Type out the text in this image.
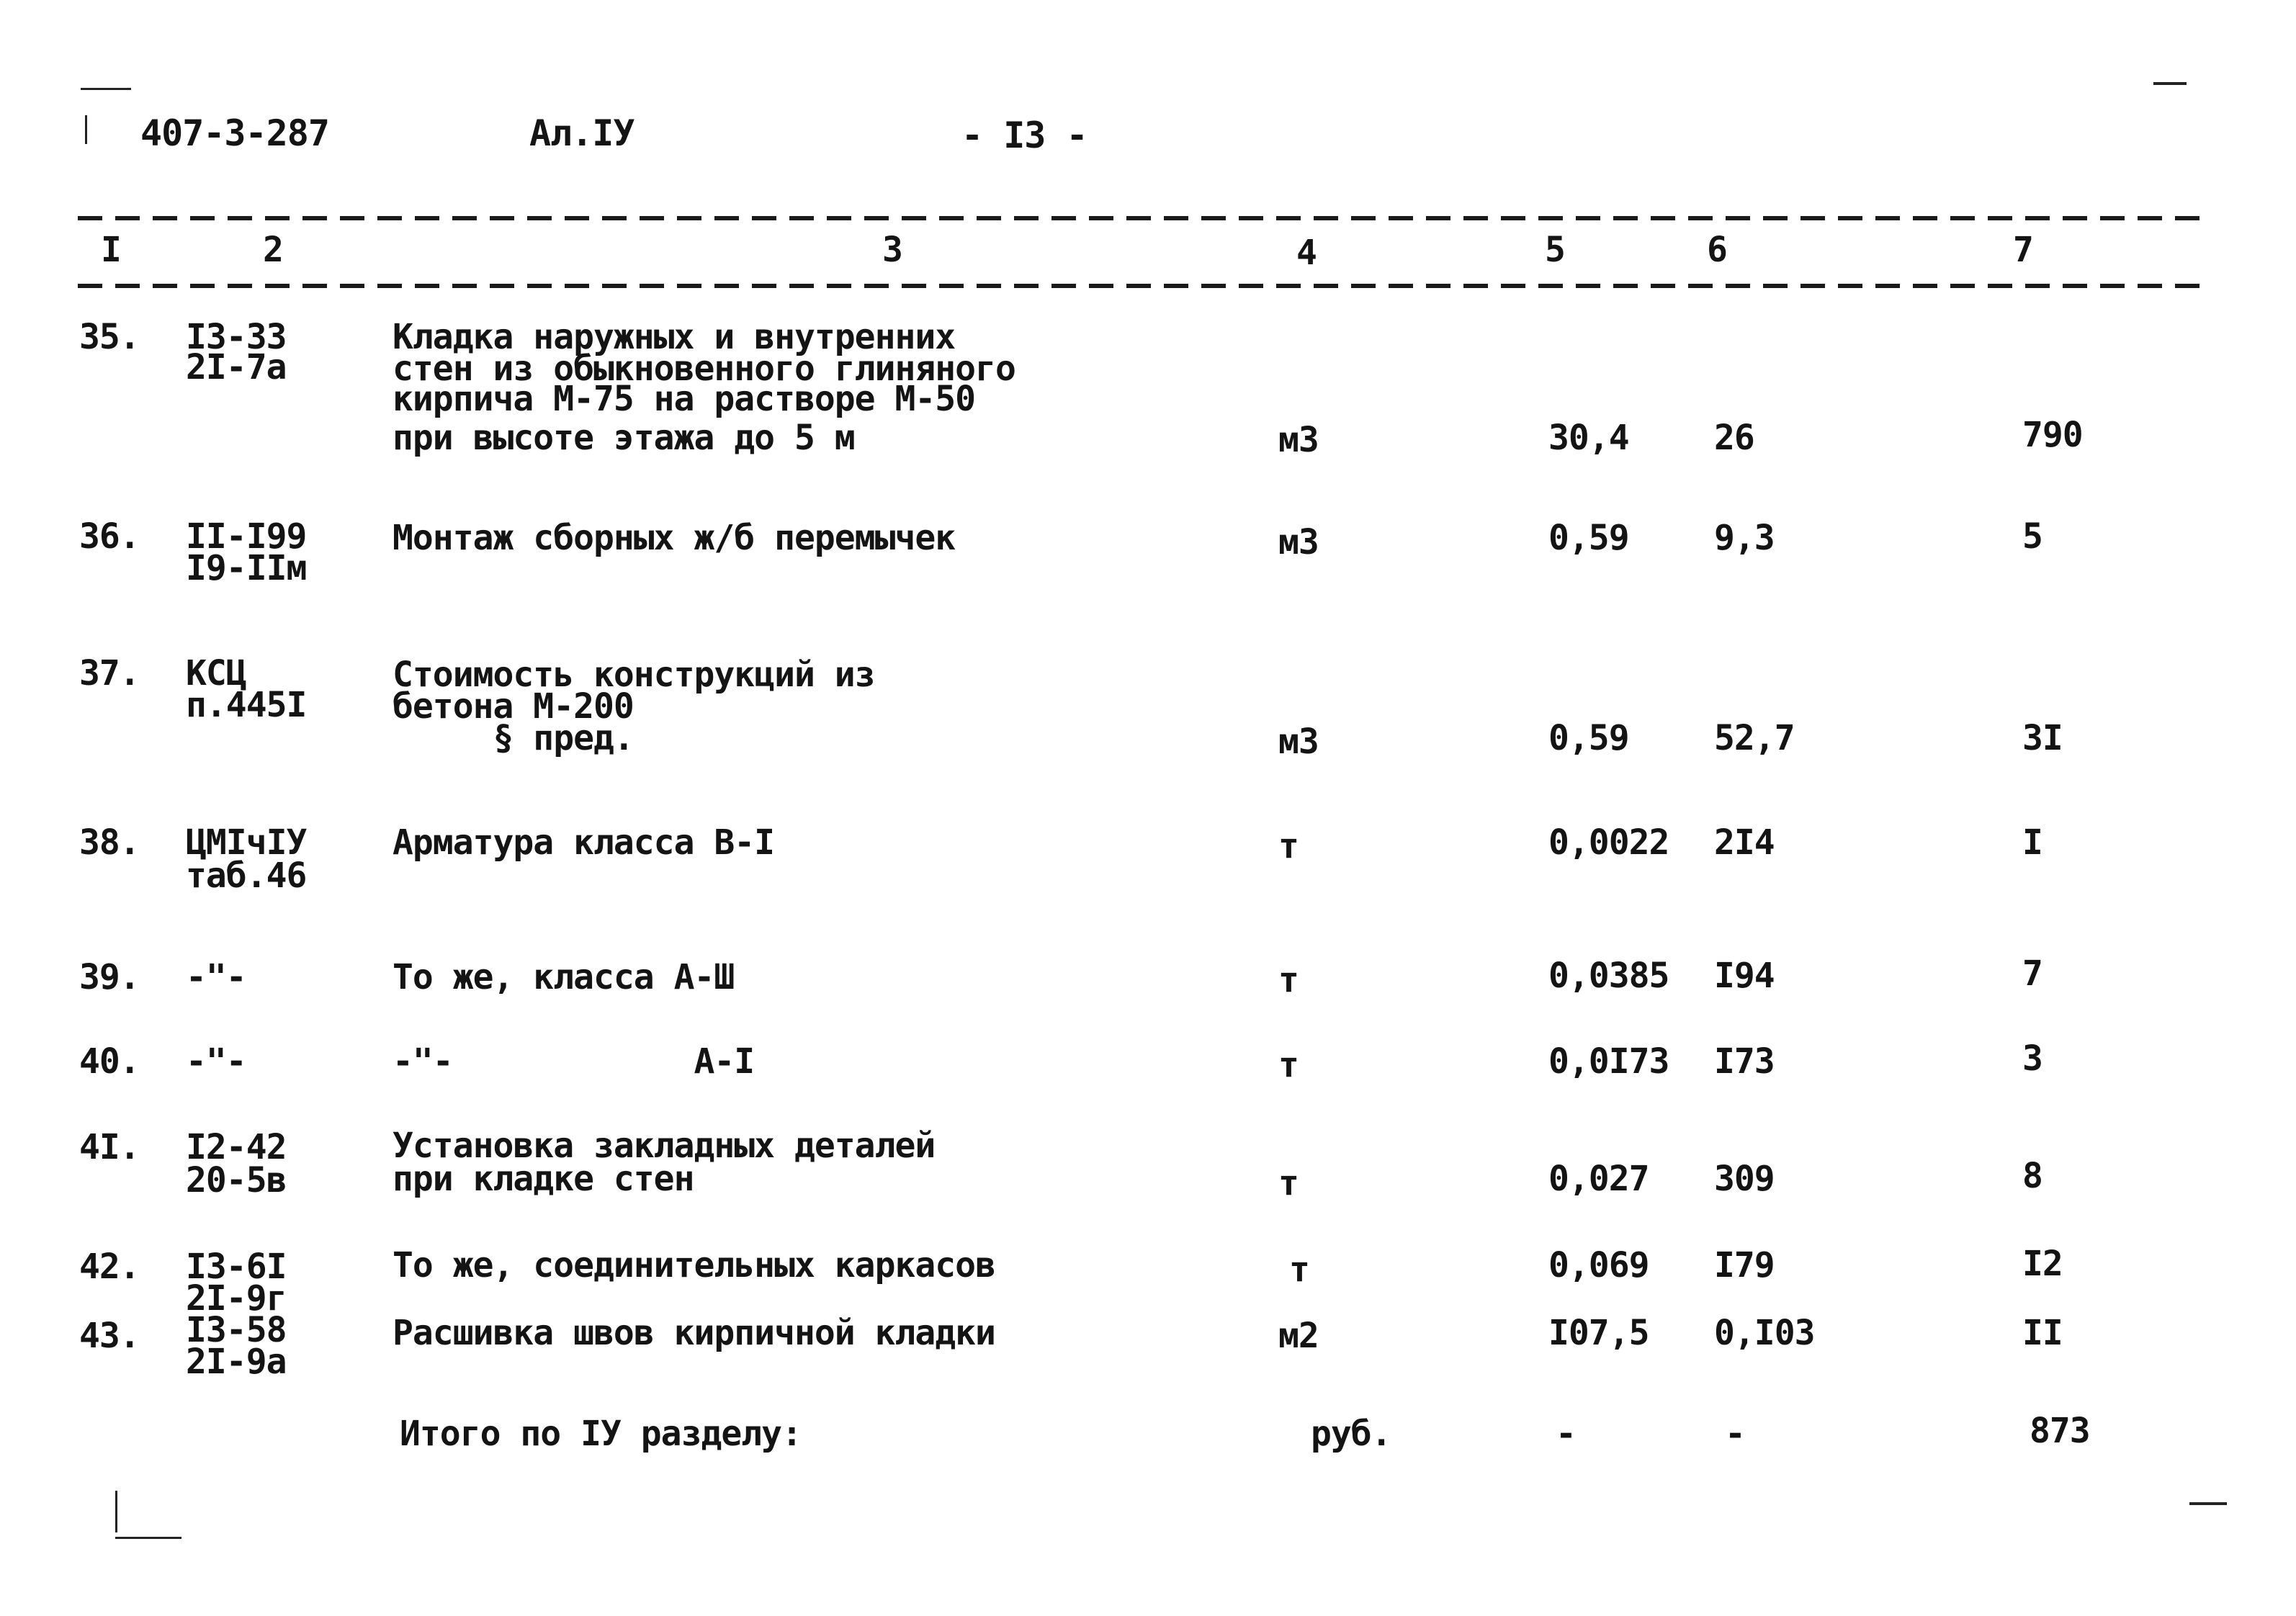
407-3-287	Ал.IУ	- I3 -
I	2	3	4	5	6	7
35. I3-33
2I-7a
Кладка наружных и внутренних
стен из обыкновенного глиняного
кирпича М-75 на растворе М-50
при высоте этажа до 5 м	м3	30,4 26	790
36. II-I99
I9-IIм
Монтаж сборных ж/б перемычек	м3	0,59 9,3	5
37. КСЦ
п.445I
Стоимость конструкций из
бетона М-200
§ пред.	м3	0,59 52,7	3I
38. ЦМIчIУ
таб.46
Арматура класса В-I	т	0,0022 2I4	I
39. -"-	То же, класса А-Ш	т	0,0385 I94	7
40. -"-	-"-            А-I	т	0,0I73 I73	3
4I. I2-42
20-5в
Установка закладных деталей
при кладке стен	т	0,027 309	8
42. I3-6I
2I-9г
То же, соединительных каркасов	т	0,069 I79	I2
43. I3-58
2I-9a
Расшивка швов кирпичной кладки	м2	I07,5 0,I03	II
Итого по IУ разделу:	руб.	-	-	873
